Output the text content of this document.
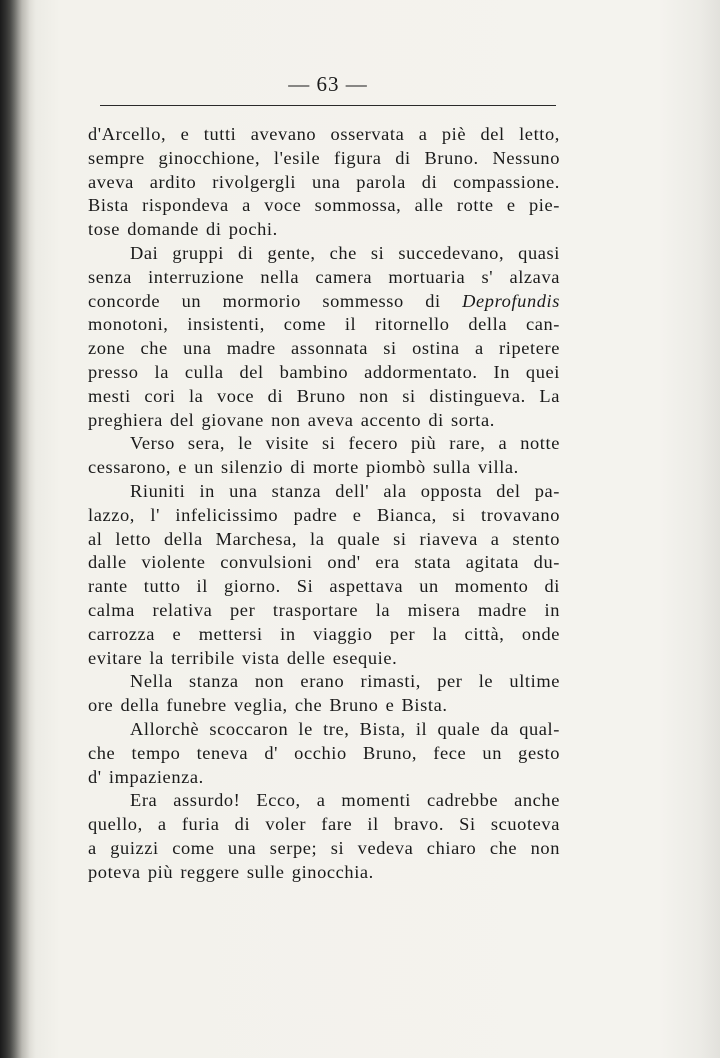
— 63 —
d'Arcello, e tutti avevano osservata a piè del letto,
sempre ginocchione, l'esile figura di Bruno. Nessuno
aveva ardito rivolgergli una parola di compassione.
Bista rispondeva a voce sommossa, alle rotte e pie-
tose domande di pochi.
Dai gruppi di gente, che si succedevano, quasi
senza interruzione nella camera mortuaria s' alzava
concorde un mormorio sommesso di Deprofundis
monotoni, insistenti, come il ritornello della can-
zone che una madre assonnata si ostina a ripetere
presso la culla del bambino addormentato. In quei
mesti cori la voce di Bruno non si distingueva. La
preghiera del giovane non aveva accento di sorta.
Verso sera, le visite si fecero più rare, a notte
cessarono, e un silenzio di morte piombò sulla villa.
Riuniti in una stanza dell' ala opposta del pa-
lazzo, l' infelicissimo padre e Bianca, si trovavano
al letto della Marchesa, la quale si riaveva a stento
dalle violente convulsioni ond' era stata agitata du-
rante tutto il giorno. Si aspettava un momento di
calma relativa per trasportare la misera madre in
carrozza e mettersi in viaggio per la città, onde
evitare la terribile vista delle esequie.
Nella stanza non erano rimasti, per le ultime
ore della funebre veglia, che Bruno e Bista.
Allorchè scoccaron le tre, Bista, il quale da qual-
che tempo teneva d' occhio Bruno, fece un gesto
d' impazienza.
Era assurdo! Ecco, a momenti cadrebbe anche
quello, a furia di voler fare il bravo. Si scuoteva
a guizzi come una serpe; si vedeva chiaro che non
poteva più reggere sulle ginocchia.
